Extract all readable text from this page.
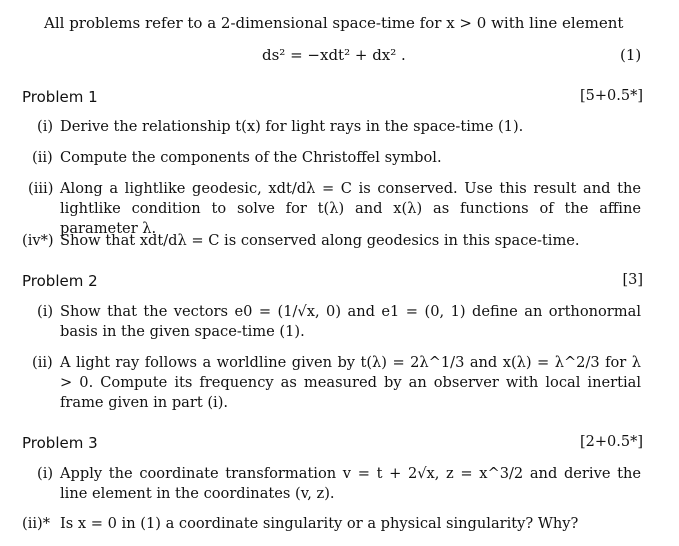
All problems refer to a 2-dimensional space-time for x > 0 with line element
ds² = −xdt² + dx² .	(1)
Problem 1	[5+0.5*]
(i) Derive the relationship t(x) for light rays in the space-time (1).
(ii) Compute the components of the Christoffel symbol.
(iii) Along a lightlike geodesic, xdt/dλ = C is conserved. Use this result and the lightlike condition to solve for t(λ) and x(λ) as functions of the affine parameter λ.
(iv*) Show that xdt/dλ = C is conserved along geodesics in this space-time.
Problem 2	[3]
(i) Show that the vectors e0 = (1/√x, 0) and e1 = (0, 1) define an orthonormal basis in the given space-time (1).
(ii) A light ray follows a worldline given by t(λ) = 2λ^1/3 and x(λ) = λ^2/3 for λ > 0. Compute its frequency as measured by an observer with local inertial frame given in part (i).
Problem 3	[2+0.5*]
(i) Apply the coordinate transformation v = t + 2√x, z = x^3/2 and derive the line element in the coordinates (v, z).
(ii)* Is x = 0 in (1) a coordinate singularity or a physical singularity? Why?
